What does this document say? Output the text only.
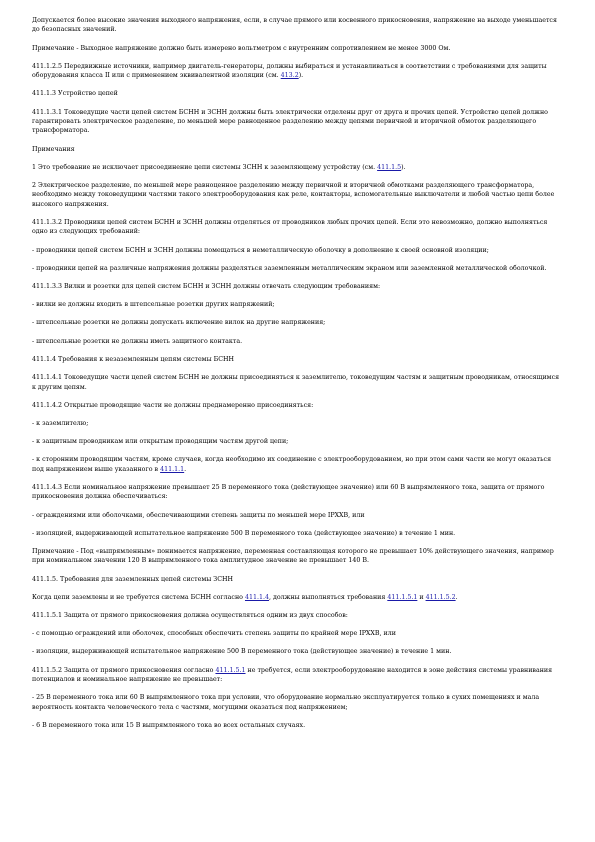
Допускается более высокие значения выходного напряжения, если, в случае прямого или косвенного прикосновения, напряжение на выходе уменьшается до безопасных значений.

Примечание - Выходное напряжение должно быть измерено вольтметром с внутренним сопротивлением не менее 3000 Ом.

411.1.2.5 Передвижные источники, например двигатель-генераторы, должны выбираться и устанавливаться в соответствии с требованиями для защиты оборудования класса II или с применением эквивалентной изоляции (см. 413.2).

411.1.3 Устройство цепей

411.1.3.1 Токоведущие части цепей систем БСНН и ЗСНН должны быть электрически отделены друг от друга и прочих цепей. Устройство цепей должно гарантировать электрическое разделение, по меньшей мере равноценное разделению между цепями первичной и вторичной обмоток разделяющего трансформатора.

Примечания

1 Это требование не исключает присоединение цепи системы ЗСНН к заземляющему устройству (см. 411.1.5).

2 Электрическое разделение, по меньшей мере равноценное разделению между первичной и вторичной обмотками разделяющего трансформатора, необходимо между токоведущими частями такого электрооборудования как реле, контакторы, вспомогательные выключатели и любой частью цепи более высокого напряжения.

411.1.3.2 Проводники цепей систем БСНН и ЗСНН должны отделяться от проводников любых прочих цепей. Если это невозможно, должно выполняться одно из следующих требований:

- проводники цепей систем БСНН и ЗСНН должны помещаться в неметаллическую оболочку в дополнение к своей основной изоляции;

- проводники цепей на различные напряжения должны разделяться заземленным металлическим экраном или заземленной металлической оболочкой.

411.1.3.3 Вилки и розетки для цепей систем БСНН и ЗСНН должны отвечать следующим требованиям:

- вилки не должны входить в штепсельные розетки других напряжений;

- штепсельные розетки не должны допускать включение вилок на другие напряжения;

- штепсельные розетки не должны иметь защитного контакта.

411.1.4 Требования к незаземленным цепям системы БСНН

411.1.4.1 Токоведущие части цепей систем БСНН не должны присоединяться к заземлителю, токоведущим частям и защитным проводникам, относящимся к другим цепям.

411.1.4.2 Открытые проводящие части не должны преднамеренно присоединяться:

- к заземлителю;

- к защитным проводникам или открытым проводящим частям другой цепи;

- к сторонним проводящим частям, кроме случаев, когда необходимо их соединение с электрооборудованием, но при этом сами части не могут оказаться под напряжением выше указанного в 411.1.1.

411.1.4.3 Если номинальное напряжение превышает 25 В переменного тока (действующее значение) или 60 В выпрямленного тока, защита от прямого прикосновения должна обеспечиваться:

- ограждениями или оболочками, обеспечивающими степень защиты по меньшей мере IPXXB, или

- изоляцией, выдерживающей испытательное напряжение 500 В переменного тока (действующее значение) в течение 1 мин.

Примечание - Под «выпрямленным» понимается напряжение, переменная составляющая которого не превышает 10% действующего значения, например при номинальном значении 120 В выпрямленного тока амплитудное значение не превышает 140 В.

411.1.5. Требования для заземленных цепей системы ЗСНН

Когда цепи заземлены и не требуется система БСНН согласно 411.1.4, должны выполняться требования 411.1.5.1 и 411.1.5.2.

411.1.5.1 Защита от прямого прикосновения должна осуществляться одним из двух способов:

- с помощью ограждений или оболочек, способных обеспечить степень защиты по крайней мере IPXXB, или

- изоляции, выдерживающей испытательное напряжение 500 В переменного тока (действующее значение) в течение 1 мин.

411.1.5.2 Защита от прямого прикосновения согласно 411.1.5.1 не требуется, если электрооборудование находится в зоне действия системы уравнивания потенциалов и номинальное напряжение не превышает:

- 25 В переменного тока или 60 В выпрямленного тока при условии, что оборудование нормально эксплуатируется только в сухих помещениях и мала вероятность контакта человеческого тела с частями, могущими оказаться под напряжением;

- 6 В переменного тока или 15 В выпрямленного тока во всех остальных случаях.
